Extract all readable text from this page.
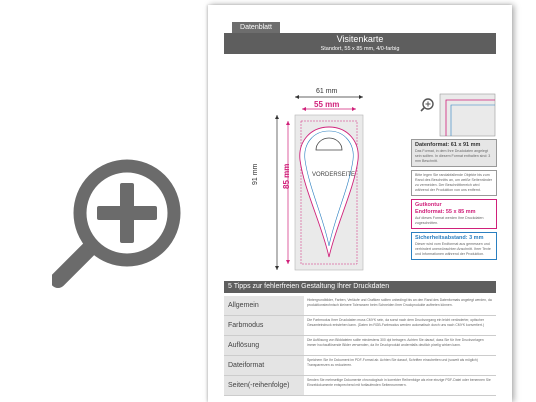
Datenblatt
Visitenkarte
Standort, 55 x 85 mm, 4/0-farbig
61 mm
55 mm
91 mm	85 mm	VORDERSEITE
Datenformat: 61 x 91 mm
Das Format, in dem Ihre Druckdaten angelegt sein sollten. In diesem Format enthalten sind: 3 mm Beschnitt.
Bitte legen Sie randabfallende Objekte bis zum Rand des Beschnitts an, um weiße Seitenränder zu vermeiden. Der Beschnittbereich wird während der Produktion von uns entfernt.
Gutkontur
Endformat: 55 x 85 mm
Auf dieses Format werden Ihre Druckdaten zugeschnitten.
Sicherheitsabstand: 3 mm
Dieser wird vom Endformat aus gemessen und verhindert unerwünschten Anschnitt. Ihrer Texte und Informationen während der Produktion.
5 Tipps zur fehlerfreien Gestaltung Ihrer Druckdaten
Allgemein
Hintergrundbilder, Farben, Verläufe und Grafiken sollten unbedingt bis an den Rand des Datenformats angelegt werden, da produktionstechnisch kleinere Toleranzen beim Schneiden Ihrer Druckprodukte auftreten können.
Farbmodus
Die Farbmodus Ihrer Druckdaten muss CMYK sein, da sonst nach dem Druckvorgang ein leicht veränderter, optischer Gesamteindruck entstehen kann. (Daten im RGB-Farbmodus werden automatisch durch uns nach CMYK konvertiert.)
Auflösung
Die Auflösung von Bilddateien sollte mindestens 300 dpi betragen. Achten Sie darauf, dass Sie für Ihre Druckvorlagen immer hochauflösende Bilder verwenden, da Ihr Druckprodukt andernfalls deutlich pixelig wirken kann.
Dateiformat
Speichern Sie Ihr Dokument im PDF-Format ab. Achten Sie darauf, Schriften einzubetten und (soweit als möglich) Transparenzen zu reduzieren.
Seiten(-reihenfolge)
Senden Sie mehrseitige Dokumente chronologisch in korrekter Reihenfolge als eine einzige PDF-Datei oder benennen Sie Einzeldokumente entsprechend mit fortlaufenden Seitennummern.
